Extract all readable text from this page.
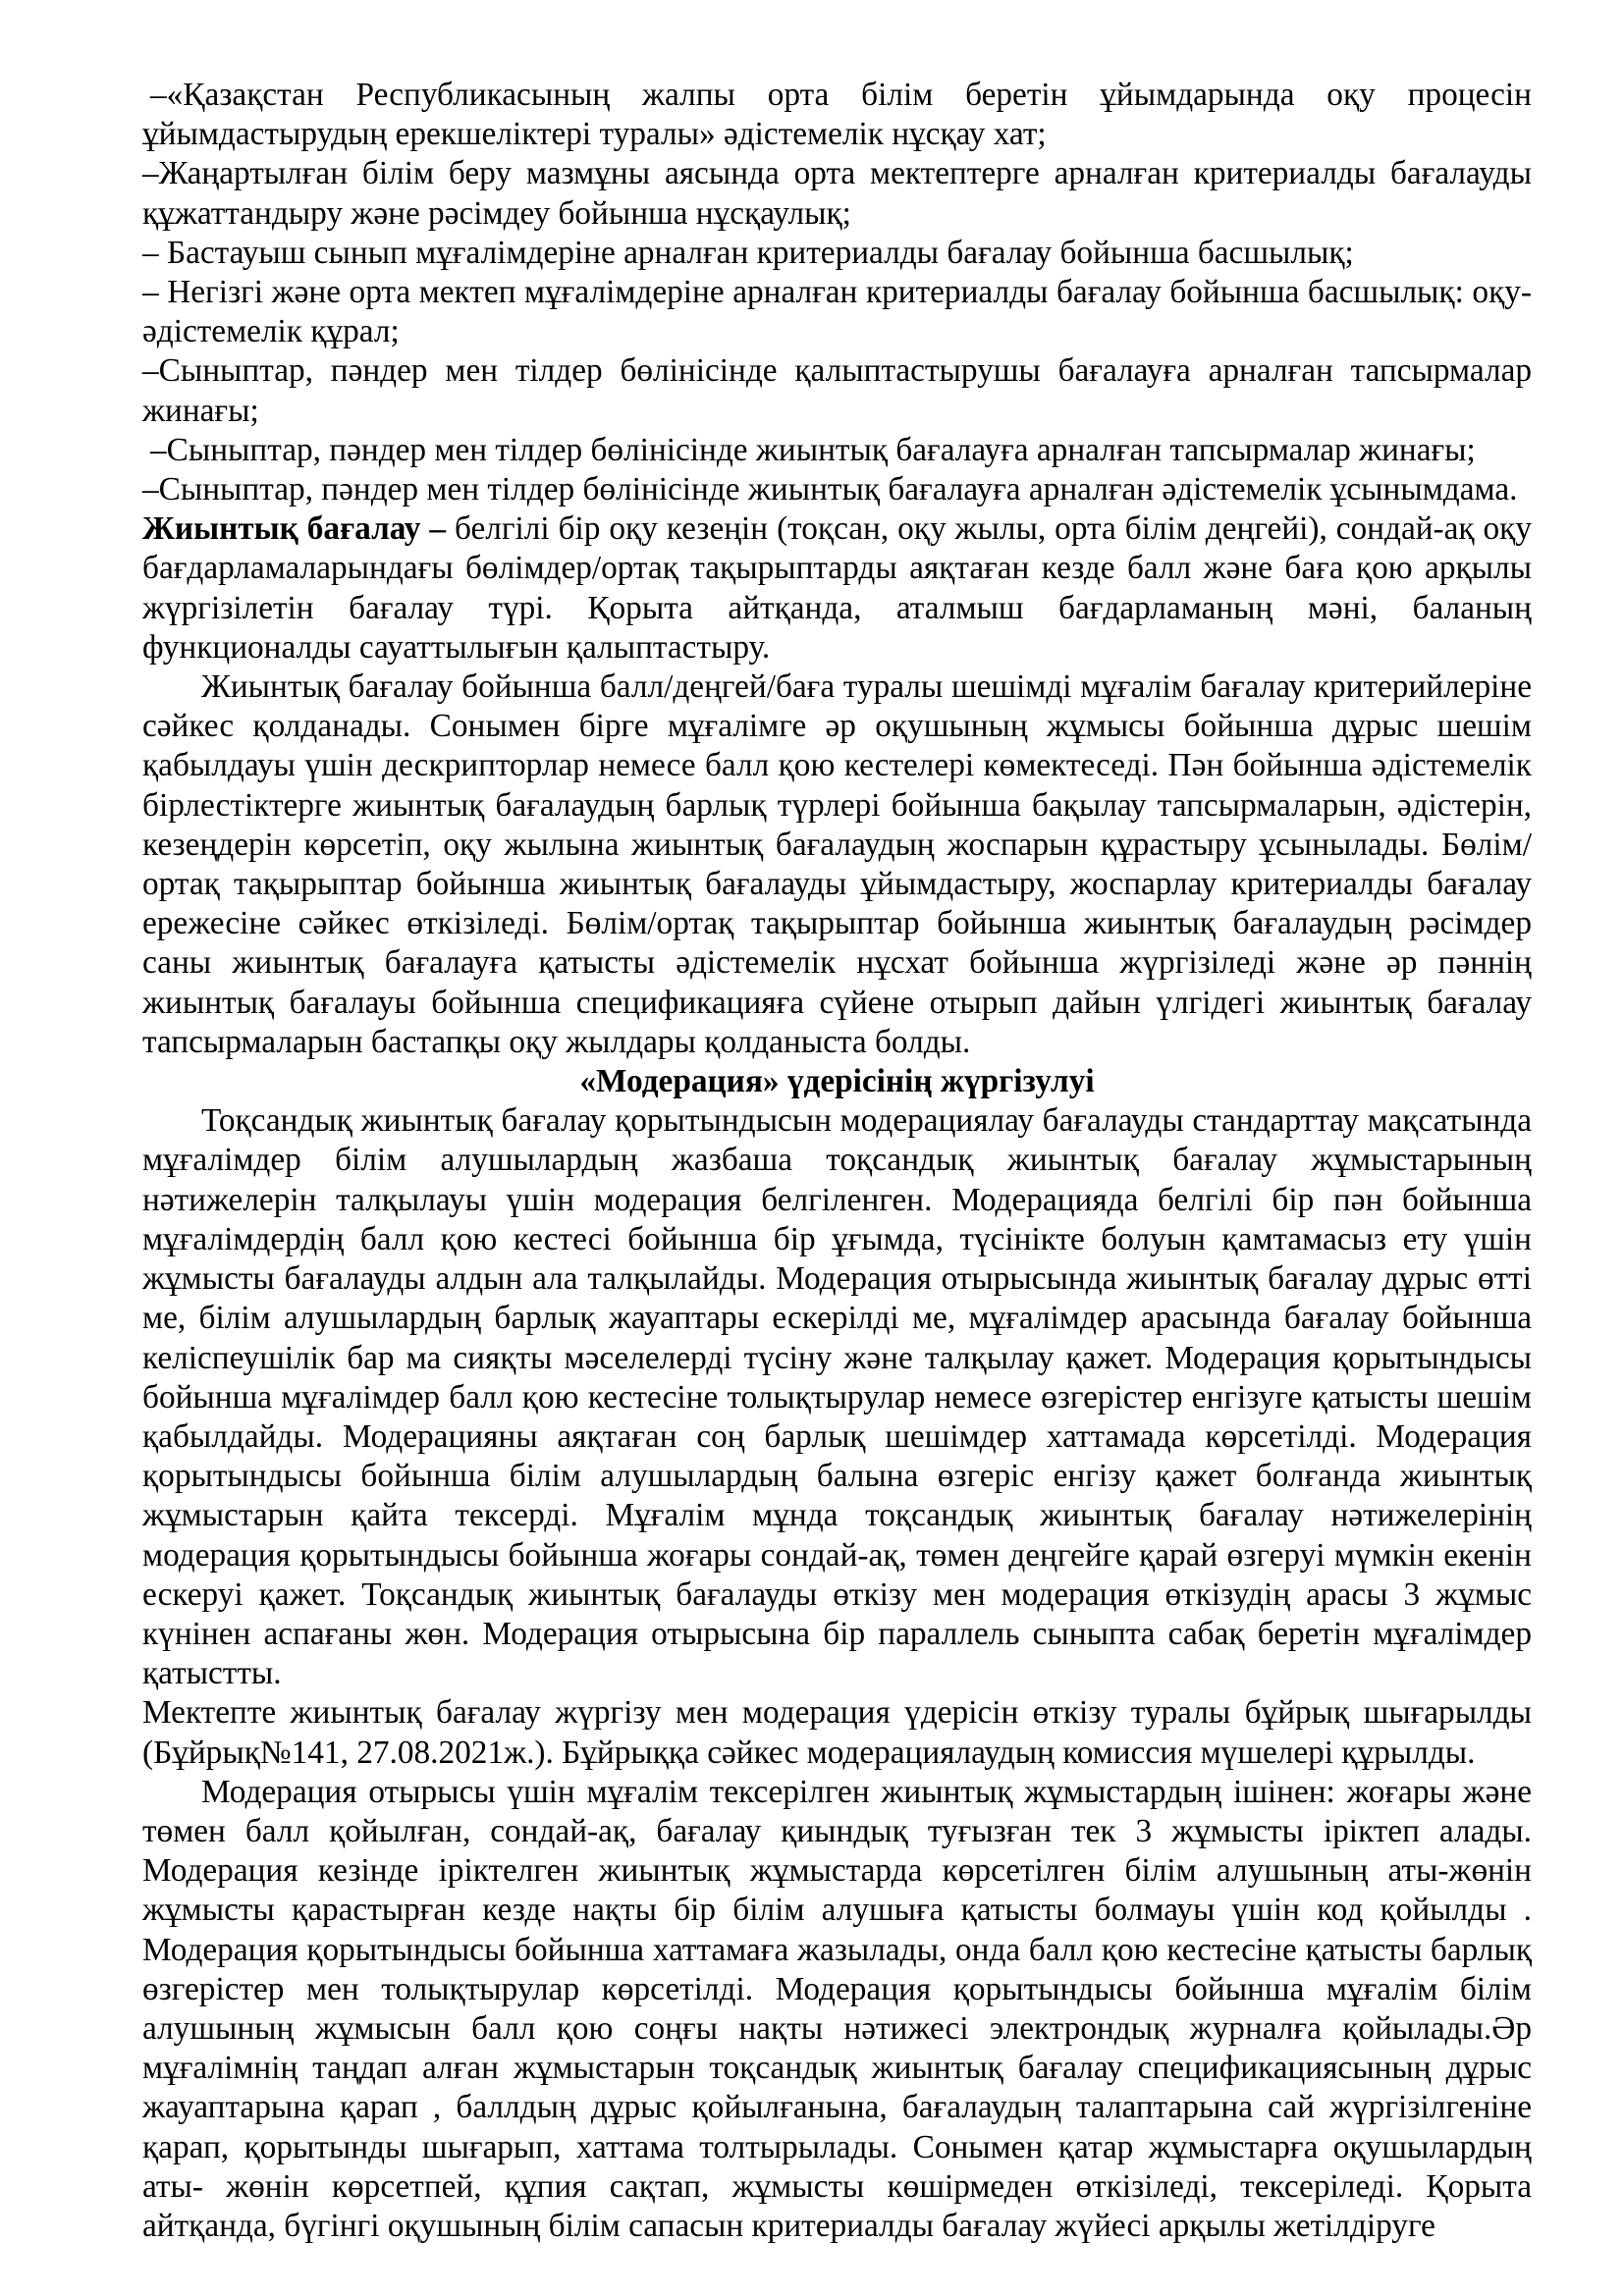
–«Қазақстан Республикасының жалпы орта білім беретін ұйымдарында оқу процесін ұйымдастырудың ерекшеліктері туралы» әдістемелік нұсқау хат;

–Жаңартылған білім беру мазмұны аясында орта мектептерге арналған критериалды бағалауды құжаттандыру және рәсімдеу бойынша нұсқаулық;

– Бастауыш сынып мұғалімдеріне арналған критериалды бағалау бойынша басшылық;

– Негізгі және орта мектеп мұғалімдеріне арналған критериалды бағалау бойынша басшылық: оқу-әдістемелік құрал;

–Сыныптар, пәндер мен тілдер бөлінісінде қалыптастырушы бағалауға арналған тапсырмалар жинағы;

–Сыныптар, пәндер мен тілдер бөлінісінде жиынтық бағалауға арналған тапсырмалар жинағы;

–Сыныптар, пәндер мен тілдер бөлінісінде жиынтық бағалауға арналған әдістемелік ұсынымдама.

Жиынтық бағалау – белгілі бір оқу кезеңін (тоқсан, оқу жылы, орта білім деңгейі), сондай-ақ оқу бағдарламаларындағы бөлімдер/ортақ тақырыптарды аяқтаған кезде балл және баға қою арқылы жүргізілетін бағалау түрі. Қорыта айтқанда, аталмыш бағдарламаның мәні, баланың функционалды сауаттылығын қалыптастыру.

Жиынтық бағалау бойынша балл/деңгей/баға туралы шешімді мұғалім бағалау критерийлеріне сәйкес қолданады. Сонымен бірге мұғалімге әр оқушының жұмысы бойынша дұрыс шешім қабылдауы үшін дескрипторлар немесе балл қою кестелері көмектеседі. Пән бойынша әдістемелік бірлестіктерге жиынтық бағалаудың барлық түрлері бойынша бақылау тапсырмаларын, әдістерін, кезеңдерін көрсетіп, оқу жылына жиынтық бағалаудың жоспарын құрастыру ұсынылады. Бөлім/ортақ тақырыптар бойынша жиынтық бағалауды ұйымдастыру, жоспарлау критериалды бағалау ережесіне сәйкес өткізіледі. Бөлім/ортақ тақырыптар бойынша жиынтық бағалаудың рәсімдер саны жиынтық бағалауға қатысты әдістемелік нұсхат бойынша жүргізіледі және әр пәннің жиынтық бағалауы бойынша спецификацияға сүйене отырып дайын үлгідегі жиынтық бағалау тапсырмаларын бастапқы оқу жылдары қолданыста болды.

«Модерация» үдерісінің жүргізулуі

Тоқсандық жиынтық бағалау қорытындысын модерациялау бағалауды стандарттау мақсатында мұғалімдер білім алушылардың жазбаша тоқсандық жиынтық бағалау жұмыстарының нәтижелерін талқылауы үшін модерация белгіленген. Модерацияда белгілі бір пән бойынша мұғалімдердің балл қою кестесі бойынша бір ұғымда, түсінікте болуын қамтамасыз ету үшін жұмысты бағалауды алдын ала талқылайды. Модерация отырысында жиынтық бағалау дұрыс өтті ме, білім алушылардың барлық жауаптары ескерілді ме, мұғалімдер арасында бағалау бойынша келіспеушілік бар ма сияқты мәселелерді түсіну және талқылау қажет. Модерация қорытындысы бойынша мұғалімдер балл қою кестесіне толықтырулар немесе өзгерістер енгізуге қатысты шешім қабылдайды. Модерацияны аяқтаған соң барлық шешімдер хаттамада көрсетілді. Модерация қорытындысы бойынша білім алушылардың балына өзгеріс енгізу қажет болғанда жиынтық жұмыстарын қайта тексерді. Мұғалім мұнда тоқсандық жиынтық бағалау нәтижелерінің модерация қорытындысы бойынша жоғары сондай-ақ, төмен деңгейге қарай өзгеруі мүмкін екенін ескеруі қажет. Тоқсандық жиынтық бағалауды өткізу мен модерация өткізудің арасы 3 жұмыс күнінен аспағаны жөн. Модерация отырысына бір параллель сыныпта сабақ беретін мұғалімдер қатыстты.

Мектепте жиынтық бағалау жүргізу мен модерация үдерісін өткізу туралы бұйрық шығарылды (Бұйрық№141, 27.08.2021ж.). Бұйрыққа сәйкес модерациялаудың комиссия мүшелері құрылды.

Модерация отырысы үшін мұғалім тексерілген жиынтық жұмыстардың ішінен: жоғары және төмен балл қойылған, сондай-ақ, бағалау қиындық туғызған тек 3 жұмысты іріктеп алады. Модерация кезінде іріктелген жиынтық жұмыстарда көрсетілген білім алушының аты-жөнін жұмысты қарастырған кезде нақты бір білім алушыға қатысты болмауы үшін код қойылды . Модерация қорытындысы бойынша хаттамаға жазылады, онда балл қою кестесіне қатысты барлық өзгерістер мен толықтырулар көрсетілді. Модерация қорытындысы бойынша мұғалім білім алушының жұмысын балл қою соңғы нақты нәтижесі электрондық журналға қойылады.Әр мұғалімнің таңдап алған жұмыстарын тоқсандық жиынтық бағалау спецификациясының дұрыс жауаптарына қарап , баллдың дұрыс қойылғанына, бағалаудың талаптарына сай жүргізілгеніне қарап, қорытынды шығарып, хаттама толтырылады. Сонымен қатар жұмыстарға оқушылардың аты- жөнін көрсетпей, құпия сақтап, жұмысты көшірмеден өткізіледі, тексеріледі. Қорыта айтқанда, бүгінгі оқушының білім сапасын критериалды бағалау жүйесі арқылы жетілдіруге
